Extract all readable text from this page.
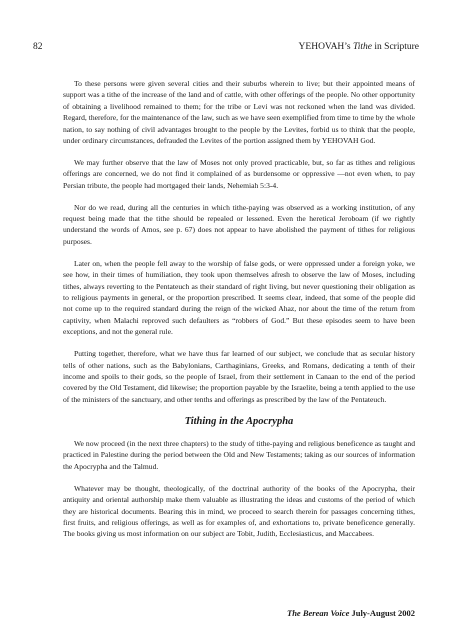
82	YEHOVAH’s Tithe in Scripture

To these persons were given several cities and their suburbs wherein to live; but their appointed means of support was a tithe of the increase of the land and of cattle, with other offerings of the people. No other opportunity of obtaining a livelihood remained to them; for the tribe or Levi was not reckoned when the land was divided. Regard, therefore, for the maintenance of the law, such as we have seen exemplified from time to time by the whole nation, to say nothing of civil advantages brought to the people by the Levites, forbid us to think that the people, under ordinary circumstances, defrauded the Levites of the portion assigned them by YEHOVAH God.

We may further observe that the law of Moses not only proved practicable, but, so far as tithes and religious offerings are concerned, we do not find it complained of as burdensome or oppressive —not even when, to pay Persian tribute, the people had mortgaged their lands, Nehemiah 5:3-4.

Nor do we read, during all the centuries in which tithe-paying was observed as a working institution, of any request being made that the tithe should be repealed or lessened. Even the heretical Jeroboam (if we rightly understand the words of Amos, see p. 67) does not appear to have abolished the payment of tithes for religious purposes.

Later on, when the people fell away to the worship of false gods, or were oppressed under a foreign yoke, we see how, in their times of humiliation, they took upon themselves afresh to observe the law of Moses, including tithes, always reverting to the Pentateuch as their standard of right living, but never questioning their obligation as to religious payments in general, or the proportion prescribed. It seems clear, indeed, that some of the people did not come up to the required standard during the reign of the wicked Ahaz, nor about the time of the return from captivity, when Malachi reproved such defaulters as “robbers of God.” But these episodes seem to have been exceptions, and not the general rule.

Putting together, therefore, what we have thus far learned of our subject, we conclude that as secular history tells of other nations, such as the Babylonians, Carthaginians, Greeks, and Romans, dedicating a tenth of their income and spoils to their gods, so the people of Israel, from their settlement in Canaan to the end of the period covered by the Old Testament, did likewise; the proportion payable by the Israelite, being a tenth applied to the use of the ministers of the sanctuary, and other tenths and offerings as prescribed by the law of the Pentateuch.

Tithing in the Apocrypha

We now proceed (in the next three chapters) to the study of tithe-paying and religious beneficence as taught and practiced in Palestine during the period between the Old and New Testaments; taking as our sources of information the Apocrypha and the Talmud.

Whatever may be thought, theologically, of the doctrinal authority of the books of the Apocrypha, their antiquity and oriental authorship make them valuable as illustrating the ideas and customs of the period of which they are historical documents. Bearing this in mind, we proceed to search therein for passages concerning tithes, first fruits, and religious offerings, as well as for examples of, and exhortations to, private beneficence generally. The books giving us most information on our subject are Tobit, Judith, Ecclesiasticus, and Maccabees.

The Berean Voice July-August 2002
